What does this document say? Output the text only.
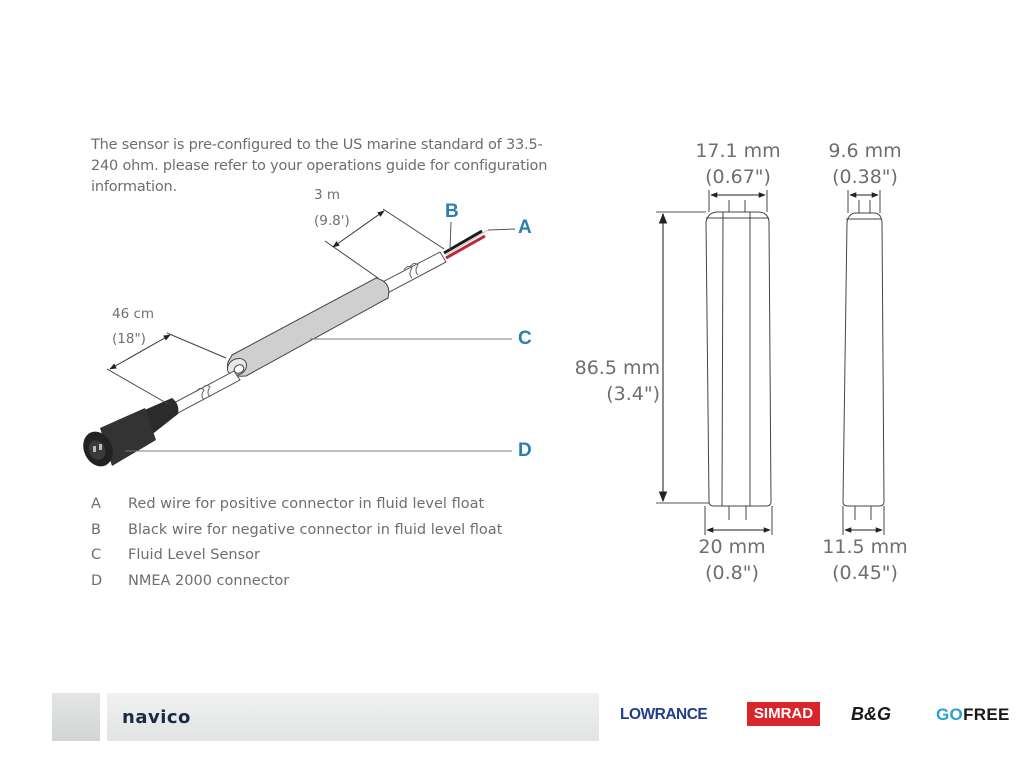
The sensor is pre-configured to the US marine standard of 33.5-240 ohm. please refer to your operations guide for configuration information.	3 m
(9.8')
46 cm
(18")
A
B
C
D
A	Red wire for positive connector in fluid level float
B	Black wire for negative connector in fluid level float
C	Fluid Level Sensor
D	NMEA 2000 connector
17.1 mm
(0.67")
9.6 mm
(0.38")
86.5 mm
(3.4")
20 mm
(0.8")
11.5 mm
(0.45")
navico	LOWRANCE	SIMRAD	B&G	GOFREE
